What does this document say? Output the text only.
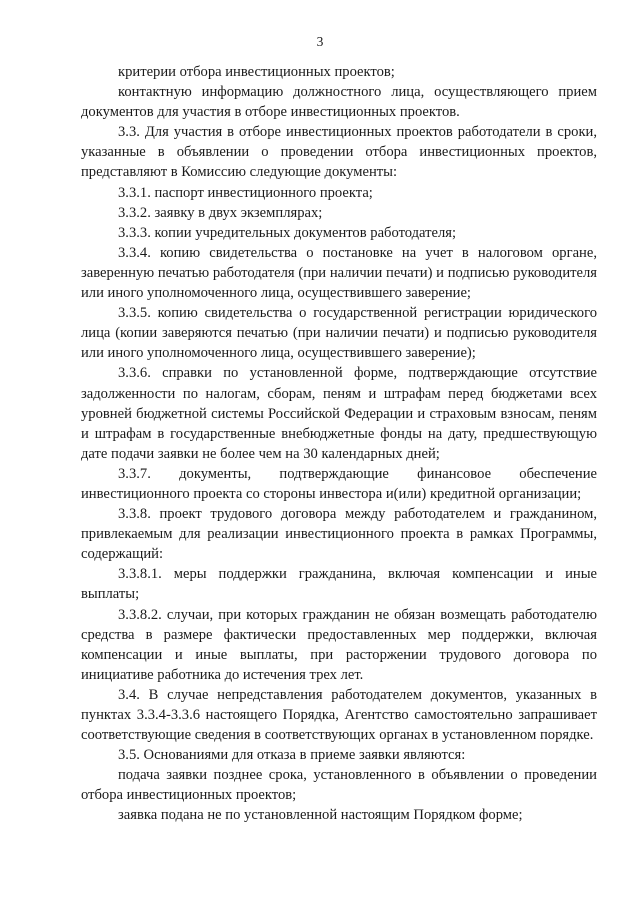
3

критерии отбора инвестиционных проектов;

контактную информацию должностного лица, осуществляющего прием документов для участия в отборе инвестиционных проектов.

3.3. Для участия в отборе инвестиционных проектов работодатели в сроки, указанные в объявлении о проведении отбора инвестиционных проектов, представляют в Комиссию следующие документы:

3.3.1. паспорт инвестиционного проекта;

3.3.2. заявку в двух экземплярах;

3.3.3. копии учредительных документов работодателя;

3.3.4. копию свидетельства о постановке на учет в налоговом органе, заверенную печатью работодателя (при наличии печати) и подписью руководителя или иного уполномоченного лица, осуществившего заверение;

3.3.5. копию свидетельства о государственной регистрации юридического лица (копии заверяются печатью (при наличии печати) и подписью руководителя или иного уполномоченного лица, осуществившего заверение);

3.3.6. справки по установленной форме, подтверждающие отсутствие задолженности по налогам, сборам, пеням и штрафам перед бюджетами всех уровней бюджетной системы Российской Федерации и страховым взносам, пеням и штрафам в государственные внебюджетные фонды на дату, предшествующую дате подачи заявки не более чем на 30 календарных дней;

3.3.7. документы, подтверждающие финансовое обеспечение инвестиционного проекта со стороны инвестора и(или) кредитной организации;

3.3.8. проект трудового договора между работодателем и гражданином, привлекаемым для реализации инвестиционного проекта в рамках Программы, содержащий:

3.3.8.1. меры поддержки гражданина, включая компенсации и иные выплаты;

3.3.8.2. случаи, при которых гражданин не обязан возмещать работодателю средства в размере фактически предоставленных мер поддержки, включая компенсации и иные выплаты, при расторжении трудового договора по инициативе работника до истечения трех лет.

3.4. В случае непредставления работодателем документов, указанных в пунктах 3.3.4-3.3.6 настоящего Порядка, Агентство самостоятельно запрашивает соответствующие сведения в соответствующих органах в установленном порядке.

3.5. Основаниями для отказа в приеме заявки являются:

подача заявки позднее срока, установленного в объявлении о проведении отбора инвестиционных проектов;

заявка подана не по установленной настоящим Порядком форме;
